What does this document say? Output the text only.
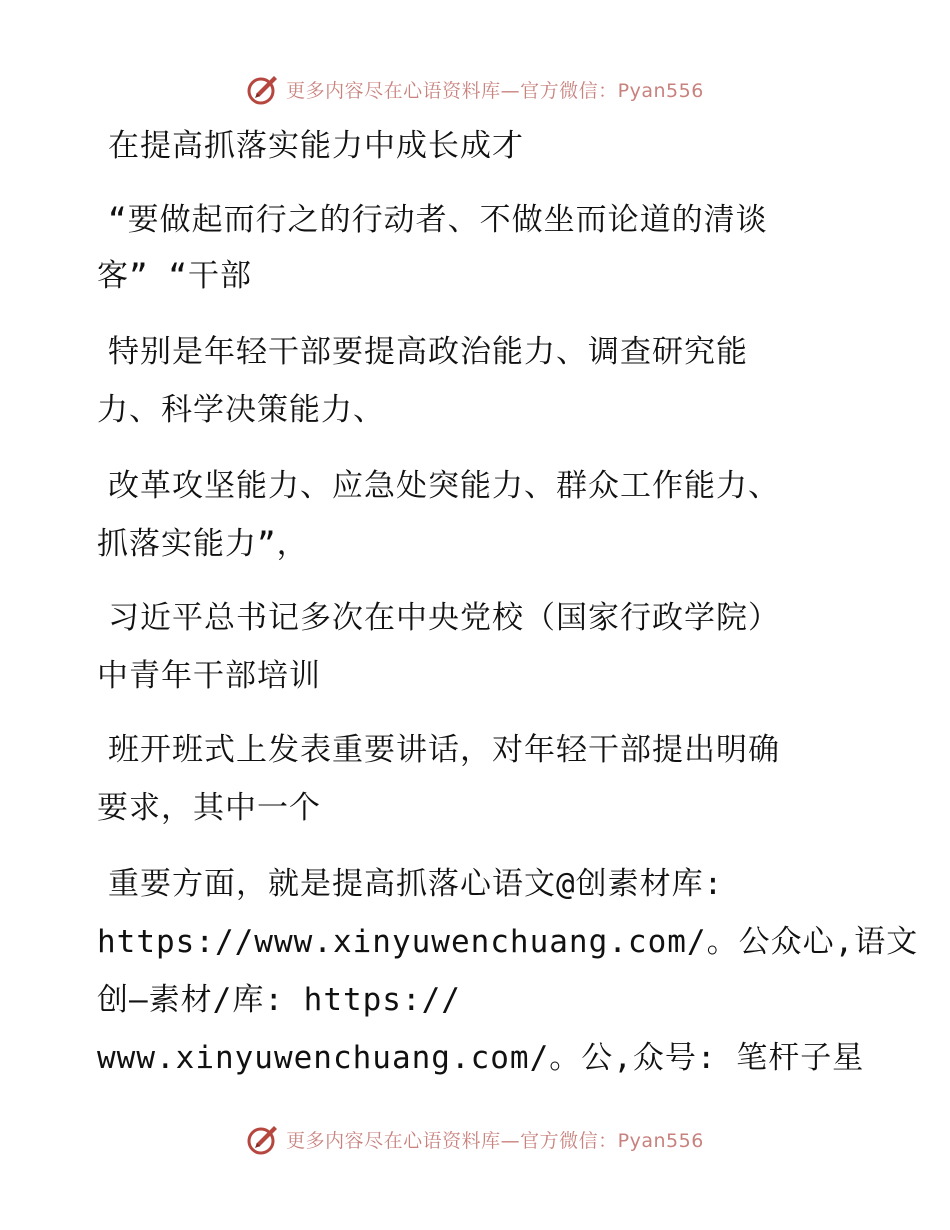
更多内容尽在心语资料库—官方微信：Pyan556
在提高抓落实能力中成长成才
“要做起而行之的行动者、不做坐而论道的清谈
客” “干部
特别是年轻干部要提高政治能力、调查研究能
力、科学决策能力、
改革攻坚能力、应急处突能力、群众工作能力、
抓落实能力”，
习近平总书记多次在中央党校（国家行政学院）
中青年干部培训
班开班式上发表重要讲话，对年轻干部提出明确
要求，其中一个
重要方面，就是提高抓落心语文@创素材库:
https://www.xinyuwenchuang.com/。公众心,语文
创—素材/库: https://
www.xinyuwenchuang.com/。公,众号: 笔杆子星
更多内容尽在心语资料库—官方微信：Pyan556
